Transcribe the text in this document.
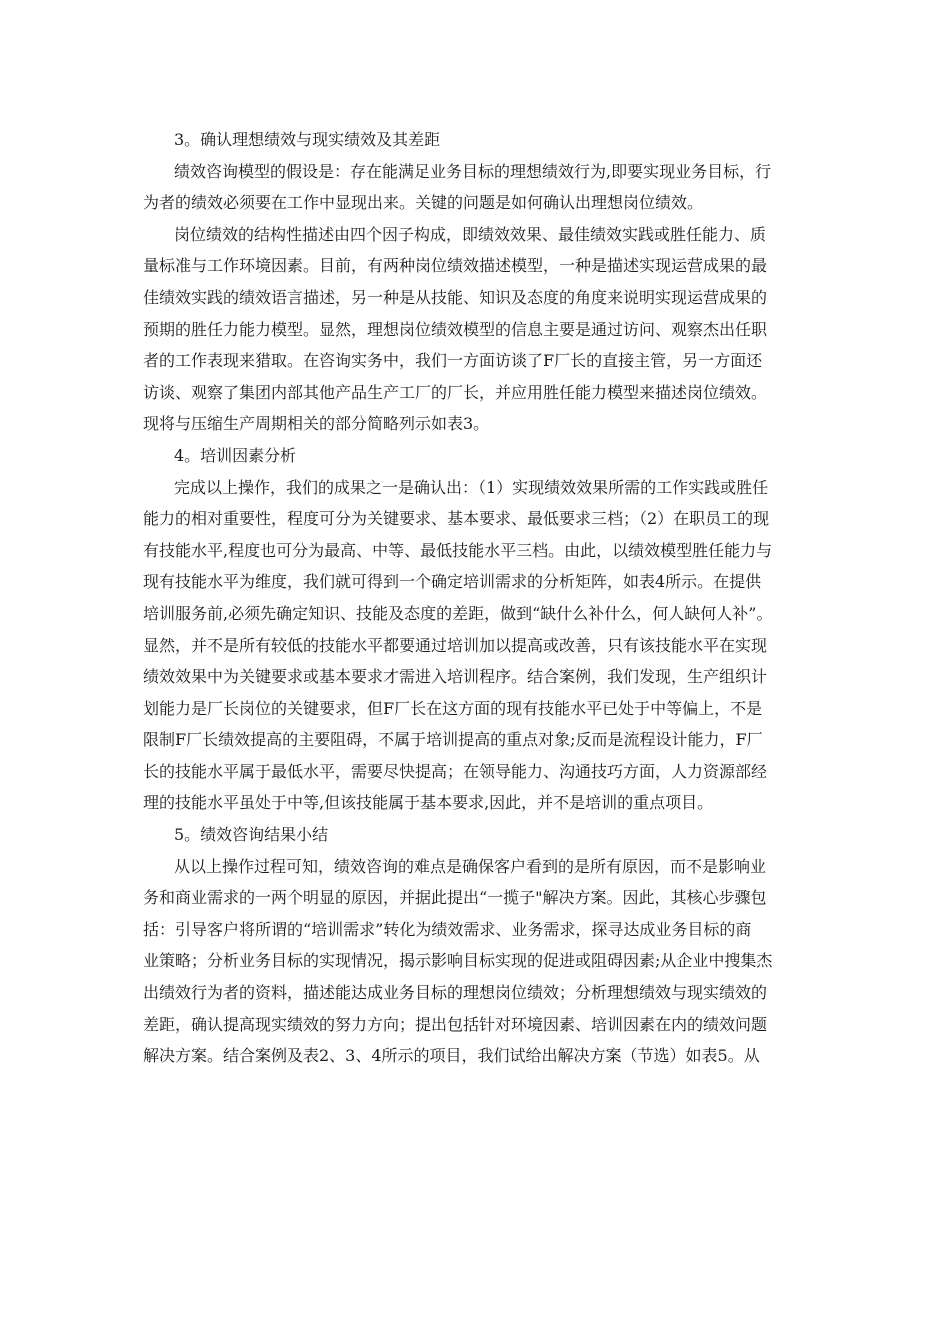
3。确认理想绩效与现实绩效及其差距
绩效咨询模型的假设是：存在能满足业务目标的理想绩效行为,即要实现业务目标，行
为者的绩效必须要在工作中显现出来。关键的问题是如何确认出理想岗位绩效。
岗位绩效的结构性描述由四个因子构成，即绩效效果、最佳绩效实践或胜任能力、质
量标准与工作环境因素。目前，有两种岗位绩效描述模型，一种是描述实现运营成果的最
佳绩效实践的绩效语言描述，另一种是从技能、知识及态度的角度来说明实现运营成果的
预期的胜任力能力模型。显然，理想岗位绩效模型的信息主要是通过访问、观察杰出任职
者的工作表现来猎取。在咨询实务中，我们一方面访谈了F厂长的直接主管，另一方面还
访谈、观察了集团内部其他产品生产工厂的厂长，并应用胜任能力模型来描述岗位绩效。
现将与压缩生产周期相关的部分简略列示如表3。
4。培训因素分析
完成以上操作，我们的成果之一是确认出：（1）实现绩效效果所需的工作实践或胜任
能力的相对重要性，程度可分为关键要求、基本要求、最低要求三档；（2）在职员工的现
有技能水平,程度也可分为最高、中等、最低技能水平三档。由此，以绩效模型胜任能力与
现有技能水平为维度，我们就可得到一个确定培训需求的分析矩阵，如表4所示。在提供
培训服务前,必须先确定知识、技能及态度的差距，做到“缺什么补什么，何人缺何人补”。
显然，并不是所有较低的技能水平都要通过培训加以提高或改善，只有该技能水平在实现
绩效效果中为关键要求或基本要求才需进入培训程序。结合案例，我们发现，生产组织计
划能力是厂长岗位的关键要求，但F厂长在这方面的现有技能水平已处于中等偏上，不是
限制F厂长绩效提高的主要阻碍，不属于培训提高的重点对象;反而是流程设计能力，F厂
长的技能水平属于最低水平，需要尽快提高；在领导能力、沟通技巧方面，人力资源部经
理的技能水平虽处于中等,但该技能属于基本要求,因此，并不是培训的重点项目。
5。绩效咨询结果小结
从以上操作过程可知，绩效咨询的难点是确保客户看到的是所有原因，而不是影响业
务和商业需求的一两个明显的原因，并据此提出“一揽子"解决方案。因此，其核心步骤包
括：引导客户将所谓的“培训需求”转化为绩效需求、业务需求，探寻达成业务目标的商
业策略；分析业务目标的实现情况，揭示影响目标实现的促进或阻碍因素;从企业中搜集杰
出绩效行为者的资料，描述能达成业务目标的理想岗位绩效；分析理想绩效与现实绩效的
差距，确认提高现实绩效的努力方向；提出包括针对环境因素、培训因素在内的绩效问题
解决方案。结合案例及表2、3、4所示的项目，我们试给出解决方案（节选）如表5。从
